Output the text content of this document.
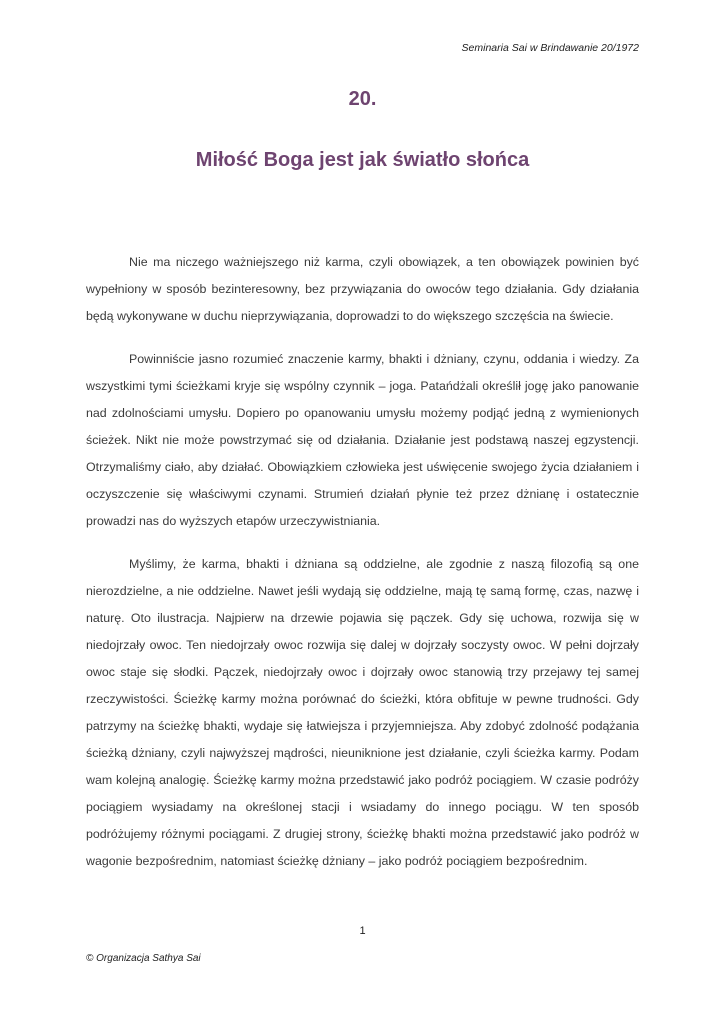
Seminaria Sai w Brindawanie 20/1972
20.
Miłość Boga jest jak światło słońca

Nie ma niczego ważniejszego niż karma, czyli obowiązek, a ten obowiązek powinien być wypełniony w sposób bezinteresowny, bez przywiązania do owoców tego działania. Gdy działania będą wykonywane w duchu nieprzywiązania, doprowadzi to do większego szczęścia na świecie.

Powinniście jasno rozumieć znaczenie karmy, bhakti i dżniany, czynu, oddania i wiedzy. Za wszystkimi tymi ścieżkami kryje się wspólny czynnik – joga. Patańdżali określił jogę jako panowanie nad zdolnościami umysłu. Dopiero po opanowaniu umysłu możemy podjąć jedną z wymienionych ścieżek. Nikt nie może powstrzymać się od działania. Działanie jest podstawą naszej egzystencji. Otrzymaliśmy ciało, aby działać. Obowiązkiem człowieka jest uświęcenie swojego życia działaniem i oczyszczenie się właściwymi czynami. Strumień działań płynie też przez dżnianę i ostatecznie prowadzi nas do wyższych etapów urzeczywistniania.

Myślimy, że karma, bhakti i dżniana są oddzielne, ale zgodnie z naszą filozofią są one nierozdzielne, a nie oddzielne. Nawet jeśli wydają się oddzielne, mają tę samą formę, czas, nazwę i naturę. Oto ilustracja. Najpierw na drzewie pojawia się pączek. Gdy się uchowa, rozwija się w niedojrzały owoc. Ten niedojrzały owoc rozwija się dalej w dojrzały soczysty owoc. W pełni dojrzały owoc staje się słodki. Pączek, niedojrzały owoc i dojrzały owoc stanowią trzy przejawy tej samej rzeczywistości. Ścieżkę karmy można porównać do ścieżki, która obfituje w pewne trudności. Gdy patrzymy na ścieżkę bhakti, wydaje się łatwiejsza i przyjemniejsza. Aby zdobyć zdolność podążania ścieżką dżniany, czyli najwyższej mądrości, nieuniknione jest działanie, czyli ścieżka karmy. Podam wam kolejną analogię. Ścieżkę karmy można przedstawić jako podróż pociągiem. W czasie podróży pociągiem wysiadamy na określonej stacji i wsiadamy do innego pociągu. W ten sposób podróżujemy różnymi pociągami. Z drugiej strony, ścieżkę bhakti można przedstawić jako podróż w wagonie bezpośrednim, natomiast ścieżkę dżniany – jako podróż pociągiem bezpośrednim.

1
© Organizacja Sathya Sai
